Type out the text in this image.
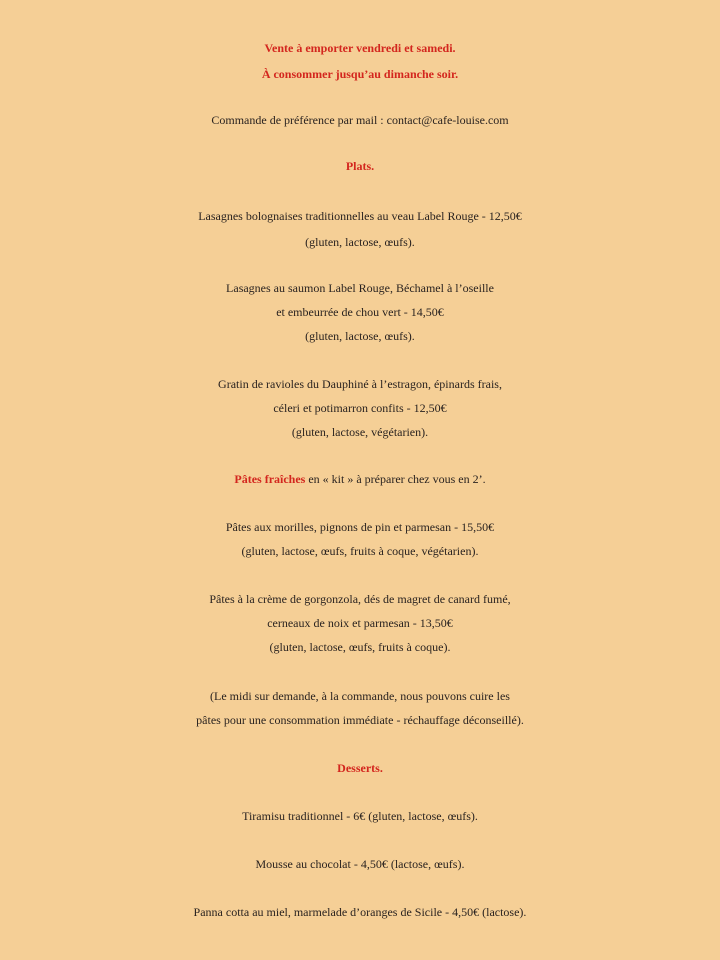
Vente à emporter vendredi et samedi.
À consommer jusqu’au dimanche soir.
Commande de préférence par mail : contact@cafe-louise.com
Plats.
Lasagnes bolognaises traditionnelles au veau Label Rouge - 12,50€
(gluten, lactose, œufs).
Lasagnes au saumon Label Rouge, Béchamel à l’oseille
et embeurrée de chou vert - 14,50€
(gluten, lactose, œufs).
Gratin de ravioles du Dauphiné à l’estragon, épinards frais,
céleri et potimarron confits - 12,50€
(gluten, lactose, végétarien).
Pâtes fraîches en « kit » à préparer chez vous en 2’.
Pâtes aux morilles, pignons de pin et parmesan - 15,50€
(gluten, lactose, œufs, fruits à coque, végétarien).
Pâtes à la crème de gorgonzola, dés de magret de canard fumé,
cerneaux de noix et parmesan - 13,50€
(gluten, lactose, œufs, fruits à coque).
(Le midi sur demande, à la commande, nous pouvons cuire les
pâtes pour une consommation immédiate - réchauffage déconseillé).
Desserts.
Tiramisu traditionnel - 6€ (gluten, lactose, œufs).
Mousse au chocolat - 4,50€ (lactose, œufs).
Panna cotta au miel, marmelade d’oranges de Sicile - 4,50€ (lactose).
